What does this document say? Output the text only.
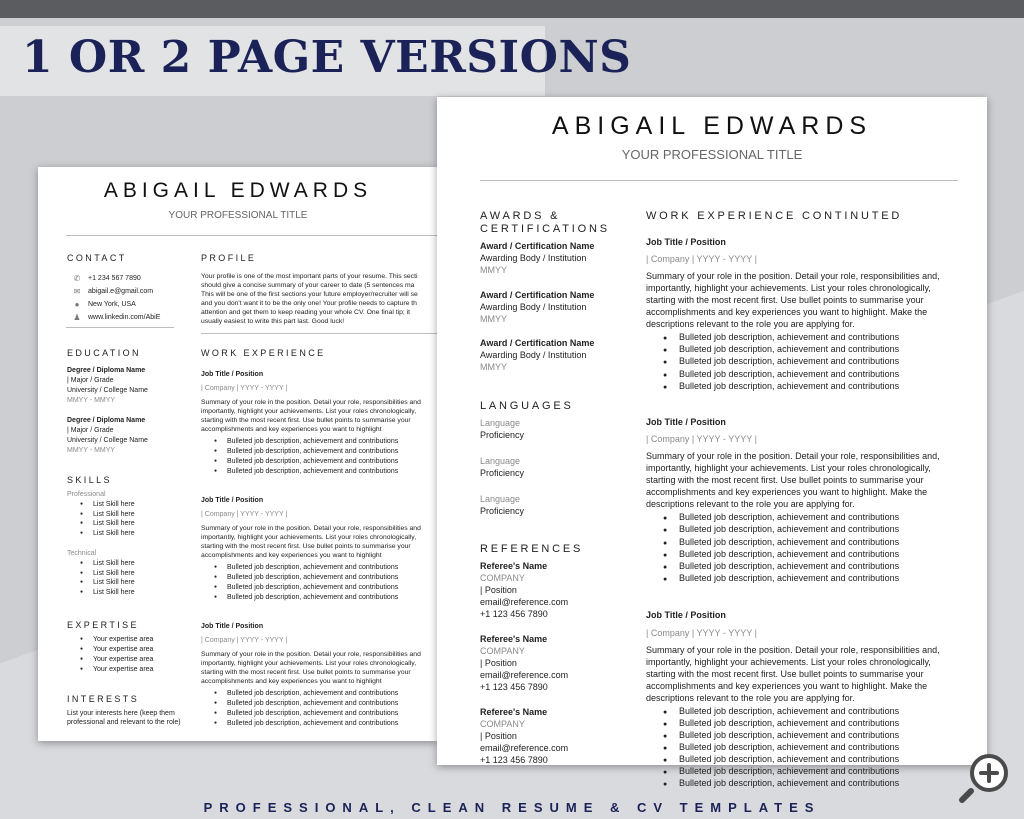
1 OR 2 PAGE VERSIONS
ABIGAIL EDWARDS
YOUR PROFESSIONAL TITLE
CONTACT
✆ +1 234 567 7890
✉ abigail.e@gmail.com
●	New York, USA
♟ www.linkedin.com/AbiE
EDUCATION
Degree / Diploma Name
| Major / Grade
University / College Name
MMYY - MMYY
Degree / Diploma Name
| Major / Grade
University / College Name
MMYY - MMYY
SKILLS
Professional
● List Skill here
● List Skill here
● List Skill here
● List Skill here
Technical
● List Skill here
● List Skill here
● List Skill here
● List Skill here
EXPERTISE
● Your expertise area
● Your expertise area
● Your expertise area
● Your expertise area
INTERESTS
List your interests here (keep them
professional and relevant to the role)
PROFILE
Your profile is one of the most important parts of your resume. This secti
should give a concise summary of your career to date (5 sentences ma
This will be one of the first sections your future employer/recruiter will se
and you don't want it to be the only one! Your profile needs to capture th
attention and get them to keep reading your whole CV. One final tip; it
usually easiest to write this part last. Good luck!
WORK EXPERIENCE
Job Title / Position
| Company | YYYY - YYYY |
Summary of your role in the position. Detail your role, responsibilities and
importantly, highlight your achievements. List your roles chronologically,
starting with the most recent first. Use bullet points to summarise your
accomplishments and key experiences you want to highlight
● Bulleted job description, achievement and contributions
● Bulleted job description, achievement and contributions
● Bulleted job description, achievement and contributions
● Bulleted job description, achievement and contributions
Job Title / Position
| Company | YYYY - YYYY |
Summary of your role in the position. Detail your role, responsibilities and
importantly, highlight your achievements. List your roles chronologically,
starting with the most recent first. Use bullet points to summarise your
accomplishments and key experiences you want to highlight
● Bulleted job description, achievement and contributions
● Bulleted job description, achievement and contributions
● Bulleted job description, achievement and contributions
● Bulleted job description, achievement and contributions
Job Title / Position
| Company | YYYY - YYYY |
Summary of your role in the position. Detail your role, responsibilities and
importantly, highlight your achievements. List your roles chronologically,
starting with the most recent first. Use bullet points to summarise your
accomplishments and key experiences you want to highlight
● Bulleted job description, achievement and contributions
● Bulleted job description, achievement and contributions
● Bulleted job description, achievement and contributions
● Bulleted job description, achievement and contributions
ABIGAIL EDWARDS
YOUR PROFESSIONAL TITLE
AWARDS &
CERTIFICATIONS
Award / Certification Name
Awarding Body / Institution
MMYY
Award / Certification Name
Awarding Body / Institution
MMYY
Award / Certification Name
Awarding Body / Institution
MMYY
LANGUAGES
Language
Proficiency
Language
Proficiency
Language
Proficiency
REFERENCES
Referee's Name
COMPANY
| Position
email@reference.com
+1 123 456 7890
Referee's Name
COMPANY
| Position
email@reference.com
+1 123 456 7890
Referee's Name
COMPANY
| Position
email@reference.com
+1 123 456 7890
WORK EXPERIENCE CONTINUTED
Job Title / Position
| Company | YYYY - YYYY |
Summary of your role in the position. Detail your role, responsibilities and,
importantly, highlight your achievements. List your roles chronologically,
starting with the most recent first. Use bullet points to summarise your
accomplishments and key experiences you want to highlight. Make the
descriptions relevant to the role you are applying for.
● Bulleted job description, achievement and contributions
● Bulleted job description, achievement and contributions
● Bulleted job description, achievement and contributions
● Bulleted job description, achievement and contributions
● Bulleted job description, achievement and contributions
Job Title / Position
| Company | YYYY - YYYY |
Summary of your role in the position. Detail your role, responsibilities and,
importantly, highlight your achievements. List your roles chronologically,
starting with the most recent first. Use bullet points to summarise your
accomplishments and key experiences you want to highlight. Make the
descriptions relevant to the role you are applying for.
● Bulleted job description, achievement and contributions
● Bulleted job description, achievement and contributions
● Bulleted job description, achievement and contributions
● Bulleted job description, achievement and contributions
● Bulleted job description, achievement and contributions
● Bulleted job description, achievement and contributions
Job Title / Position
| Company | YYYY - YYYY |
Summary of your role in the position. Detail your role, responsibilities and,
importantly, highlight your achievements. List your roles chronologically,
starting with the most recent first. Use bullet points to summarise your
accomplishments and key experiences you want to highlight. Make the
descriptions relevant to the role you are applying for.
● Bulleted job description, achievement and contributions
● Bulleted job description, achievement and contributions
● Bulleted job description, achievement and contributions
● Bulleted job description, achievement and contributions
● Bulleted job description, achievement and contributions
● Bulleted job description, achievement and contributions
● Bulleted job description, achievement and contributions
PROFESSIONAL, CLEAN RESUME & CV TEMPLATES
